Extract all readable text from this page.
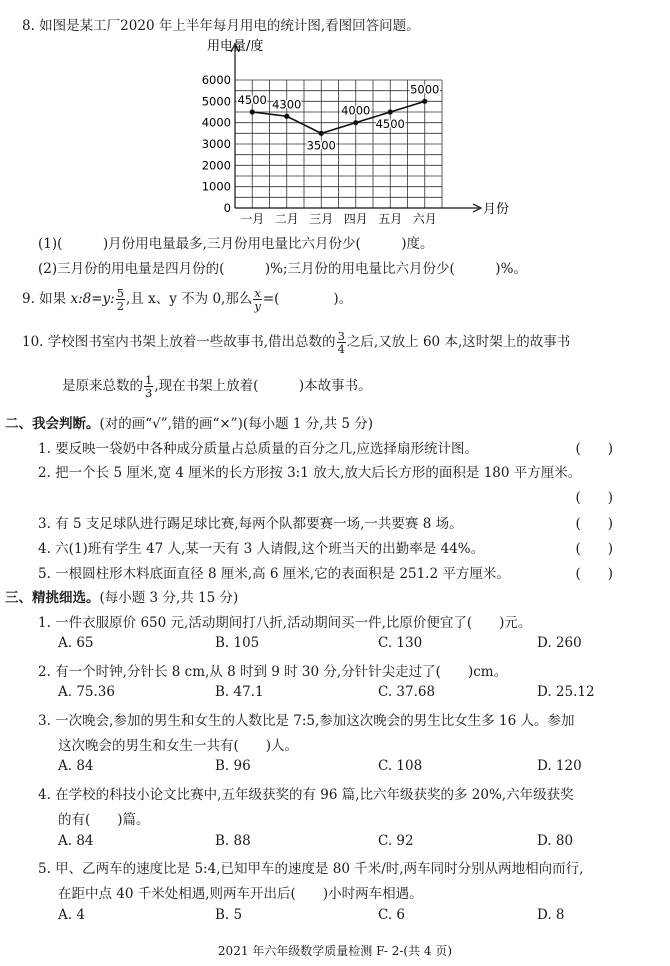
8. 如图是某工厂2020 年上半年每月用电的统计图,看图回答问题。
0
1000
2000
3000
4000
5000
6000
一月 二月 三月 四月 五月 六月
4500 4300
3500
4000
4500
5000
用电量/度
月份
(1)(　　　)月份用电量最多,三月份用电量比六月份少(　　　)度。
(2)三月份的用电量是四月份的(　　　)%;三月份的用电量比六月份少(　　　)%。
9. 如果 x:8=y: $\frac{5}{2}$ ,且 x、y 不为 0,那么 $\frac{x}{y}$ =(　　　　)。
10. 学校图书室内书架上放着一些故事书,借出总数的 $\frac{3}{4}$ 之后,又放上 60 本,这时架上的故事书
是原来总数的 $\frac{1}{3}$ ,现在书架上放着(　　　)本故事书。
二、我会判断。(对的画“√”,错的画“×”)(每小题 1 分,共 5 分)
1. 要反映一袋奶中各种成分质量占总质量的百分之几,应选择扇形统计图。	(　　)
2. 把一个长 5 厘米,宽 4 厘米的长方形按 3:1 放大,放大后长方形的面积是 180 平方厘米。
(　　)
3. 有 5 支足球队进行踢足球比赛,每两个队都要赛一场,一共要赛 8 场。	(　　)
4. 六(1)班有学生 47 人,某一天有 3 人请假,这个班当天的出勤率是 44%。	(　　)
5. 一根圆柱形木料底面直径 8 厘米,高 6 厘米,它的表面积是 251.2 平方厘米。	(　　)
三、精挑细选。(每小题 3 分,共 15 分)
1. 一件衣服原价 650 元,活动期间打八折,活动期间买一件,比原价便宜了(　　)元。
A. 65	B. 105	C. 130	D. 260
2. 有一个时钟,分针长 8 cm,从 8 时到 9 时 30 分,分针针尖走过了(　　)cm。
A. 75.36	B. 47.1	C. 37.68	D. 25.12
3. 一次晚会,参加的男生和女生的人数比是 7:5,参加这次晚会的男生比女生多 16 人。参加
这次晚会的男生和女生一共有(　　)人。
A. 84	B. 96	C. 108	D. 120
4. 在学校的科技小论文比赛中,五年级获奖的有 96 篇,比六年级获奖的多 20%,六年级获奖
的有(　　)篇。
A. 84	B. 88	C. 92	D. 80
5. 甲、乙两车的速度比是 5:4,已知甲车的速度是 80 千米/时,两车同时分别从两地相向而行,
在距中点 40 千米处相遇,则两车开出后(　　)小时两车相遇。
A. 4	B. 5	C. 6	D. 8
2021 年六年级数学质量检测 F- 2-(共 4 页)
